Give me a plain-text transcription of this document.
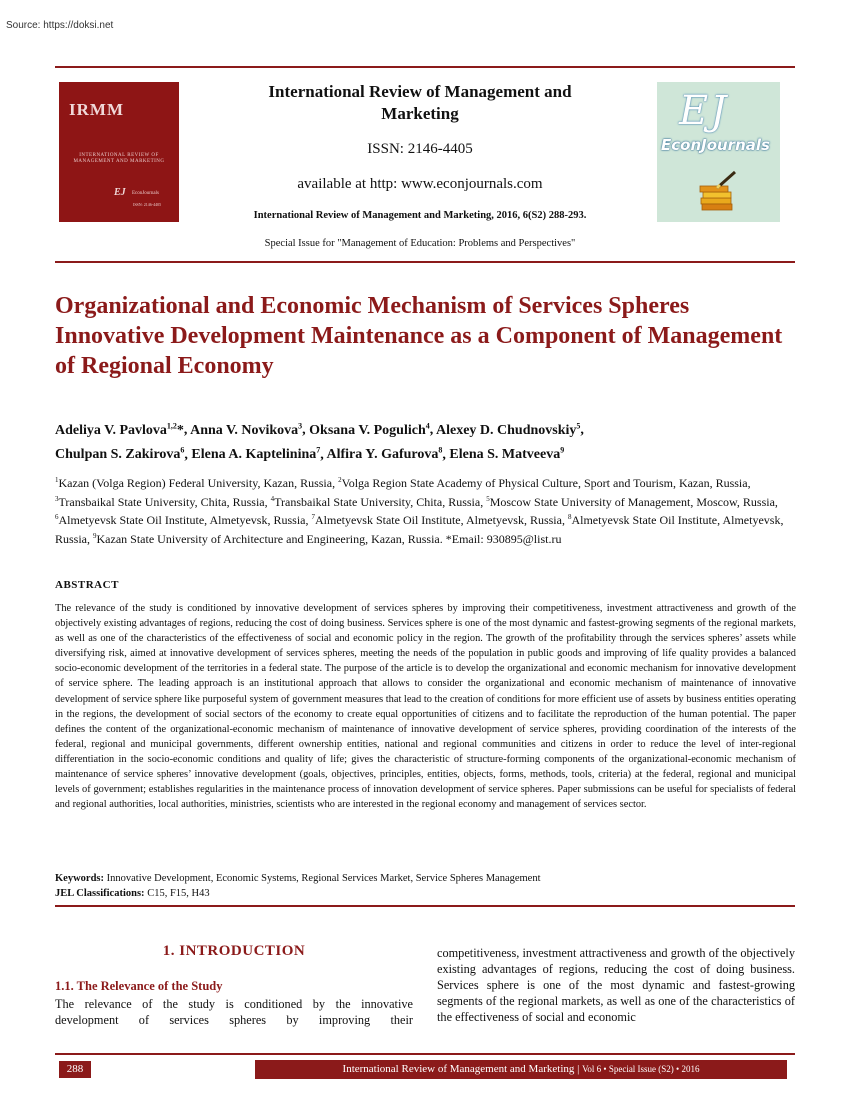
Source: https://doksi.net
IRMM
INTERNATIONAL REVIEW OF MANAGEMENT AND MARKETING
EJ EconJournals
ISSN: 2146-4405
International Review of Management and Marketing
ISSN: 2146-4405
available at http: www.econjournals.com
International Review of Management and Marketing, 2016, 6(S2) 288-293.
Special Issue for "Management of Education: Problems and Perspectives"
EJ
EconJournals
Organizational and Economic Mechanism of Services Spheres Innovative Development Maintenance as a Component of Management of Regional Economy
Adeliya V. Pavlova$^{1,2}$*, Anna V. Novikova$^3$, Oksana V. Pogulich$^4$, Alexey D. Chudnovskiy$^5$,
Chulpan S. Zakirova$^6$, Elena A. Kaptelinina$^7$, Alfira Y. Gafurova$^8$, Elena S. Matveeva$^9$
$^1$Kazan (Volga Region) Federal University, Kazan, Russia, $^2$Volga Region State Academy of Physical Culture, Sport and Tourism, Kazan, Russia, $^3$Transbaikal State University, Chita, Russia, $^4$Transbaikal State University, Chita, Russia, $^5$Moscow State University of Management, Moscow, Russia, $^6$Almetyevsk State Oil Institute, Almetyevsk, Russia, $^7$Almetyevsk State Oil Institute, Almetyevsk, Russia, $^8$Almetyevsk State Oil Institute, Almetyevsk, Russia, $^9$Kazan State University of Architecture and Engineering, Kazan, Russia. *Email: 930895@list.ru
ABSTRACT
The relevance of the study is conditioned by innovative development of services spheres by improving their competitiveness, investment attractiveness and growth of the objectively existing advantages of regions, reducing the cost of doing business. Services sphere is one of the most dynamic and fastest-growing segments of the regional markets, as well as one of the characteristics of the effectiveness of social and economic policy in the region. The growth of the profitability through the services spheres’ assets while diversifying risk, aimed at innovative development of services spheres, meeting the needs of the population in public goods and improving of life quality provides a balanced socio-economic development of the territories in a federal state. The purpose of the article is to develop the organizational and economic mechanism for innovative development of service sphere. The leading approach is an institutional approach that allows to consider the organizational and economic mechanism of maintenance of innovative development of service sphere like purposeful system of government measures that lead to the creation of conditions for more efficient use of assets by business entities operating in the regions, the development of social sectors of the economy to create equal opportunities of citizens and to facilitate the reproduction of the human potential. The paper defines the content of the organizational-economic mechanism of maintenance of innovative development of service spheres, providing coordination of the interests of the federal, regional and municipal governments, different ownership entities, national and regional communities and citizens in order to reduce the level of inter-regional differentiation in the socio-economic conditions and quality of life; gives the characteristic of structure-forming components of the organizational-economic mechanism of maintenance of service spheres’ innovative development (goals, objectives, principles, entities, objects, forms, methods, tools, criteria) at the federal, regional and municipal levels of government; establishes regularities in the maintenance process of innovation development of service spheres. Paper submissions can be useful for specialists of federal and regional authorities, local authorities, ministries, scientists who are interested in the regional economy and management of services sector.
Keywords: Innovative Development, Economic Systems, Regional Services Market, Service Spheres Management
JEL Classifications: C15, F15, H43
1. INTRODUCTION
1.1. The Relevance of the Study
The relevance of the study is conditioned by the innovative
development of services spheres by improving their
competitiveness, investment attractiveness and growth of the objectively existing advantages of regions, reducing the cost of doing business. Services sphere is one of the most dynamic and fastest-growing segments of the regional markets, as well as one of the characteristics of the effectiveness of social and economic
288	International Review of Management and Marketing | Vol 6 • Special Issue (S2) • 2016
